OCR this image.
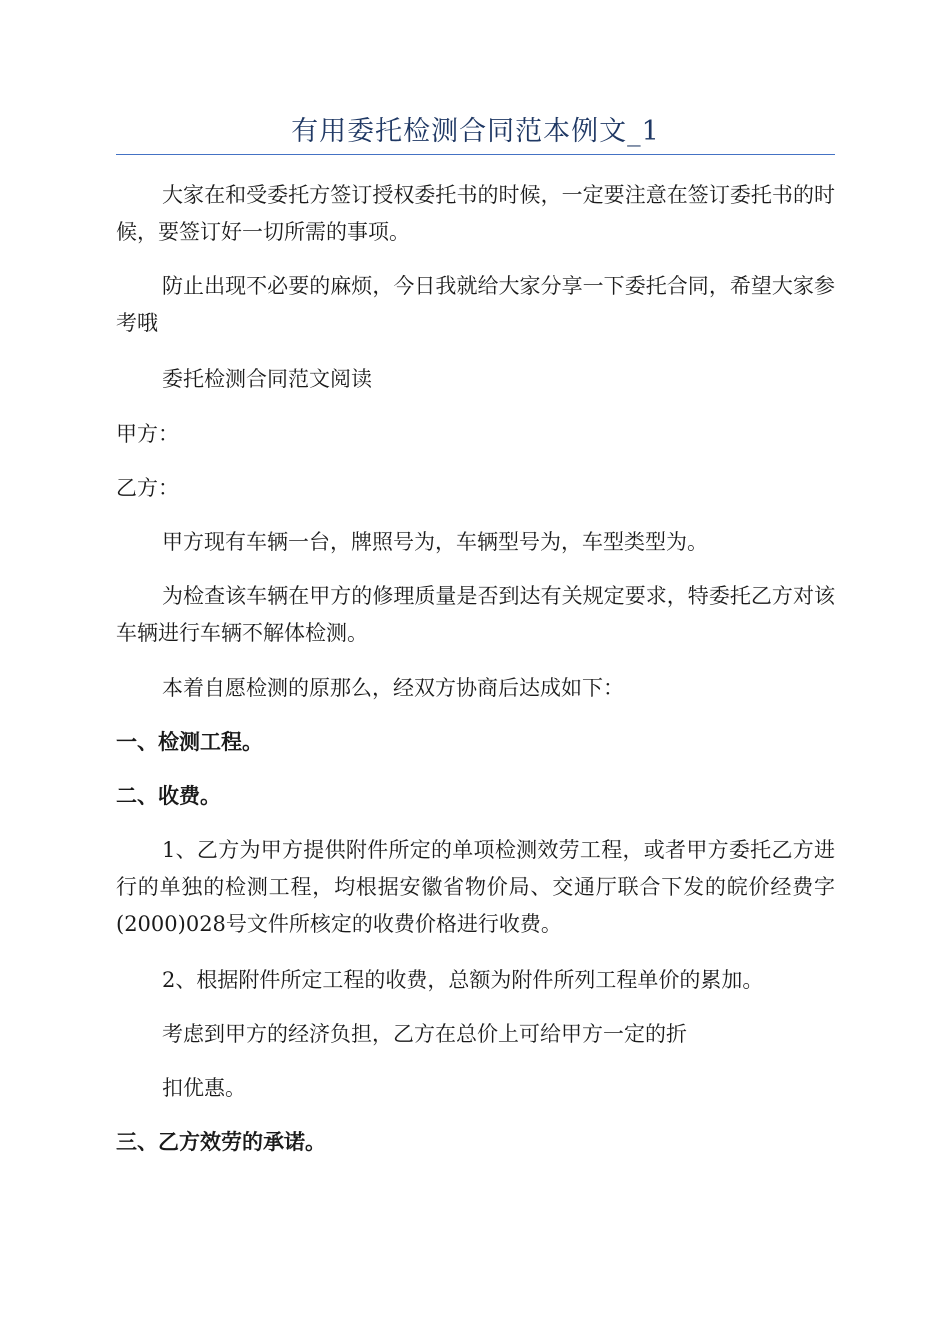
有用委托检测合同范本例文_1

大家在和受委托方签订授权委托书的时候，一定要注意在签订委托书的时候，要签订好一切所需的事项。

防止出现不必要的麻烦，今日我就给大家分享一下委托合同，希望大家参考哦

委托检测合同范文阅读

甲方：

乙方：

甲方现有车辆一台，牌照号为，车辆型号为，车型类型为。

为检查该车辆在甲方的修理质量是否到达有关规定要求，特委托乙方对该车辆进行车辆不解体检测。

本着自愿检测的原那么，经双方协商后达成如下：

一、检测工程。

二、收费。

1、乙方为甲方提供附件所定的单项检测效劳工程，或者甲方委托乙方进行的单独的检测工程，均根据安徽省物价局、交通厅联合下发的皖价经费字(2000)028号文件所核定的收费价格进行收费。

2、根据附件所定工程的收费，总额为附件所列工程单价的累加。

考虑到甲方的经济负担，乙方在总价上可给甲方一定的折

扣优惠。

三、乙方效劳的承诺。
